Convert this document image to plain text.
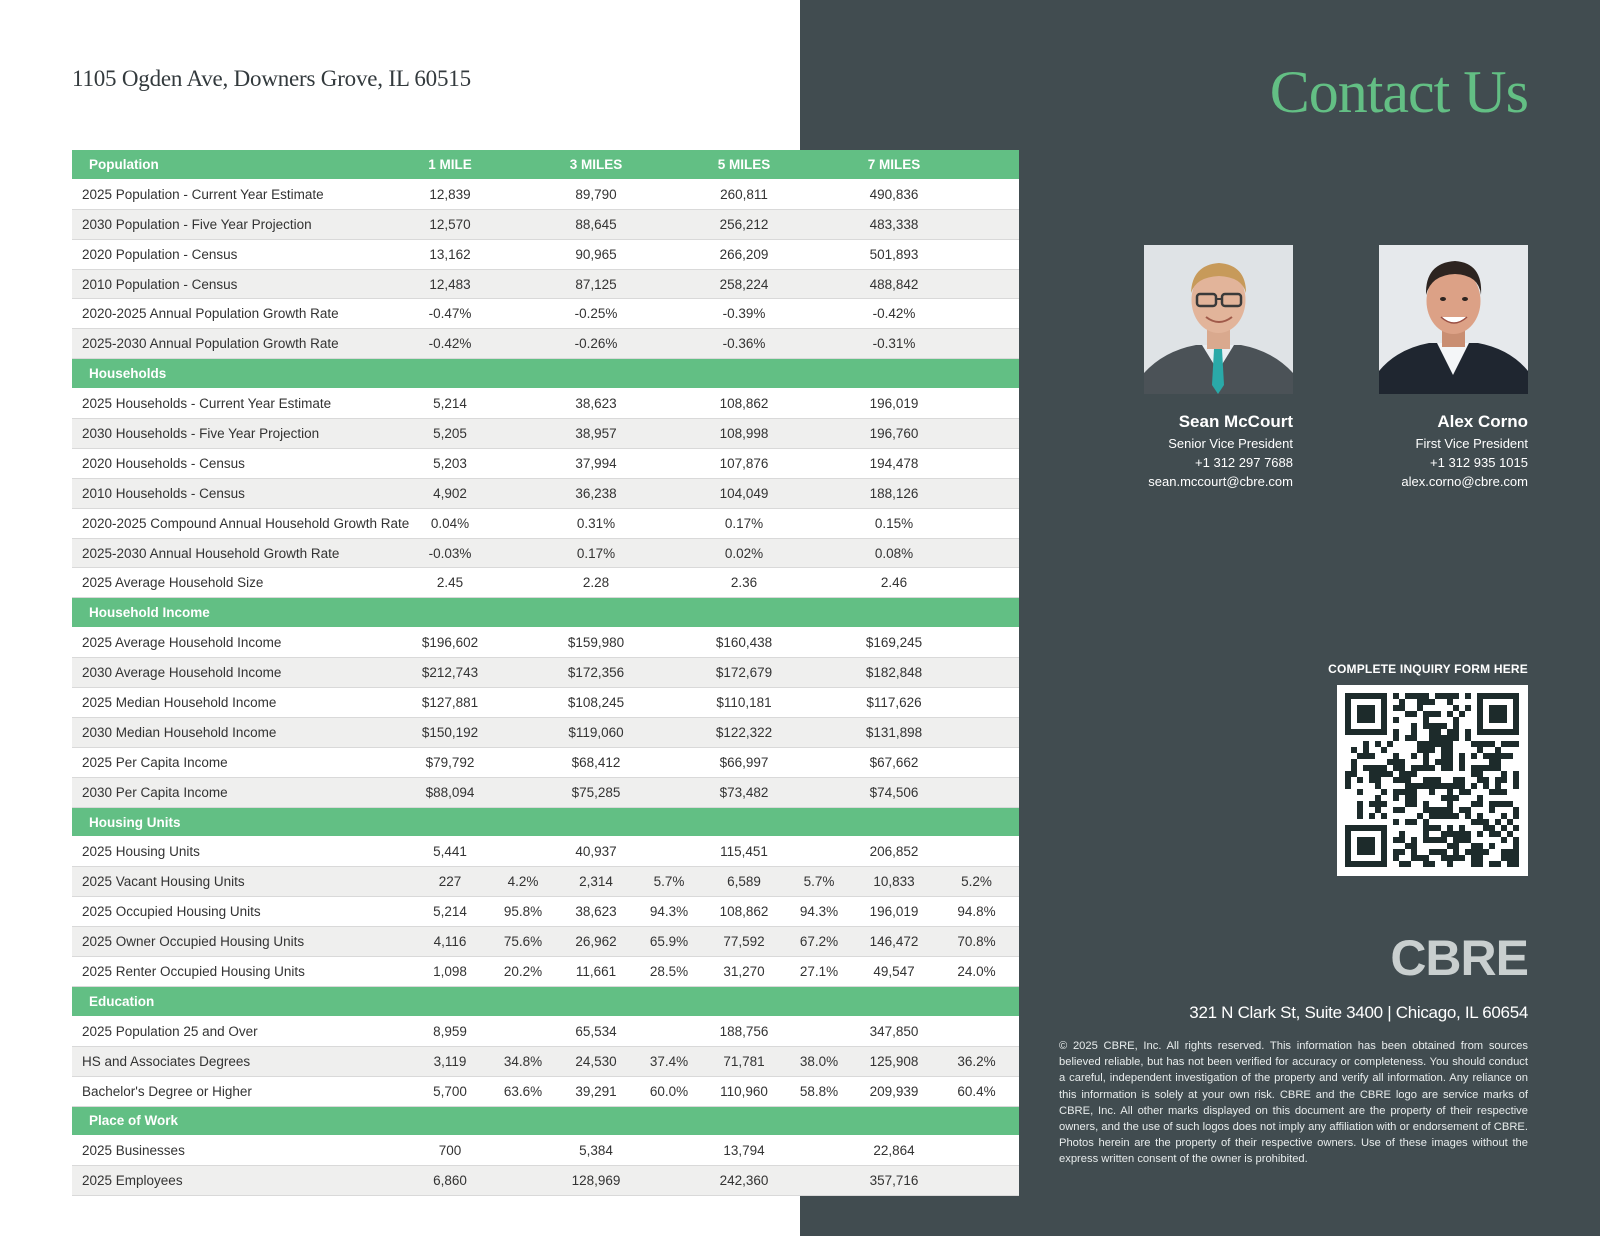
1105 Ogden Ave, Downers Grove, IL 60515	Contact Us
Population	1 MILE		3 MILES		5 MILES		7 MILES	
2025 Population - Current Year Estimate	12,839		89,790		260,811		490,836	
2030 Population - Five Year Projection	12,570		88,645		256,212		483,338	
2020 Population - Census	13,162		90,965		266,209		501,893	
2010 Population - Census	12,483		87,125		258,224		488,842	
2020-2025 Annual Population Growth Rate	-0.47%		-0.25%		-0.39%		-0.42%	
2025-2030 Annual Population Growth Rate	-0.42%		-0.26%		-0.36%		-0.31%	
Households								
2025 Households - Current Year Estimate	5,214		38,623		108,862		196,019	
2030 Households - Five Year Projection	5,205		38,957		108,998		196,760	
2020 Households - Census	5,203		37,994		107,876		194,478	
2010 Households - Census	4,902		36,238		104,049		188,126	
2020-2025 Compound Annual Household Growth Rate	0.04%		0.31%		0.17%		0.15%	
2025-2030 Annual Household Growth Rate	-0.03%		0.17%		0.02%		0.08%	
2025 Average Household Size	2.45		2.28		2.36		2.46	
Household Income								
2025 Average Household Income	$196,602		$159,980		$160,438		$169,245	
2030 Average Household Income	$212,743		$172,356		$172,679		$182,848	
2025 Median Household Income	$127,881		$108,245		$110,181		$117,626	
2030 Median Household Income	$150,192		$119,060		$122,322		$131,898	
2025 Per Capita Income	$79,792		$68,412		$66,997		$67,662	
2030 Per Capita Income	$88,094		$75,285		$73,482		$74,506	
Housing Units								
2025 Housing Units	5,441		40,937		115,451		206,852	
2025 Vacant Housing Units	227	4.2%	2,314	5.7%	6,589	5.7%	10,833	5.2%
2025 Occupied Housing Units	5,214	95.8%	38,623	94.3%	108,862	94.3%	196,019	94.8%
2025 Owner Occupied Housing Units	4,116	75.6%	26,962	65.9%	77,592	67.2%	146,472	70.8%
2025 Renter Occupied Housing Units	1,098	20.2%	11,661	28.5%	31,270	27.1%	49,547	24.0%
Education								
2025 Population 25 and Over	8,959		65,534		188,756		347,850	
HS and Associates Degrees	3,119	34.8%	24,530	37.4%	71,781	38.0%	125,908	36.2%
Bachelor's Degree or Higher	5,700	63.6%	39,291	60.0%	110,960	58.8%	209,939	60.4%
Place of Work								
2025 Businesses	700		5,384		13,794		22,864	
2025 Employees	6,860		128,969		242,360		357,716	
Sean McCourt
Senior Vice President
+1 312 297 7688
sean.mccourt@cbre.com
Alex Corno
First Vice President
+1 312 935 1015
alex.corno@cbre.com
COMPLETE INQUIRY FORM HERE
CBRE
321 N Clark St, Suite 3400 | Chicago, IL 60654
© 2025 CBRE, Inc. All rights reserved. This information has been obtained from sources believed reliable, but has not been verified for accuracy or completeness. You should conduct a careful, independent investigation of the property and verify all information. Any reliance on this information is solely at your own risk. CBRE and the CBRE logo are service marks of CBRE, Inc. All other marks displayed on this document are the property of their respective owners, and the use of such logos does not imply any affiliation with or endorsement of CBRE. Photos herein are the property of their respective owners. Use of these images without the express written consent of the owner is prohibited.
